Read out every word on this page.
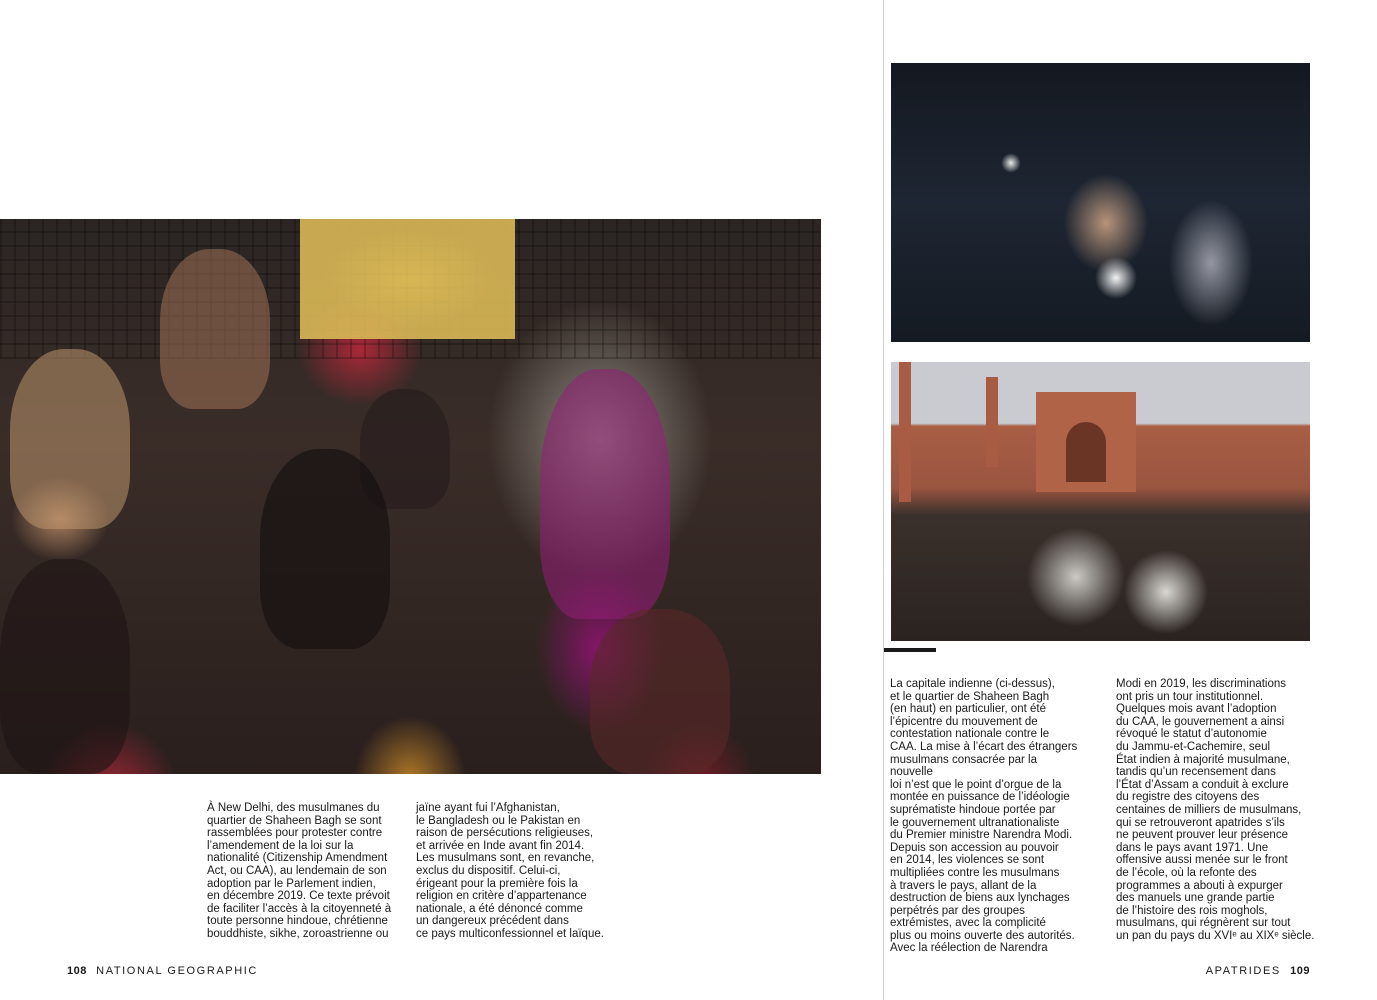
À New Delhi, des musulmanes du

quartier de Shaheen Bagh se sont

rassemblées pour protester contre

l’amendement de la loi sur la

nationalité (Citizenship Amendment

Act, ou CAA), au lendemain de son

adoption par le Parlement indien,

en décembre 2019. Ce texte prévoit

de faciliter l’accès à la citoyenneté à

toute personne hindoue, chrétienne

bouddhiste, sikhe, zoroastrienne ou

jaïne ayant fui l’Afghanistan,

le Bangladesh ou le Pakistan en

raison de persécutions religieuses,

et arrivée en Inde avant fin 2014.

Les musulmans sont, en revanche,

exclus du dispositif. Celui-ci,

érigeant pour la première fois la

religion en critère d’appartenance

nationale, a été dénoncé comme

un dangereux précédent dans

ce pays multiconfessionnel et laïque.

108 NATIONAL GEOGRAPHIC

La capitale indienne (ci-dessus),

et le quartier de Shaheen Bagh

(en haut) en particulier, ont été

l’épicentre du mouvement de

contestation nationale contre le

CAA. La mise à l’écart des étrangers

musulmans consacrée par la nouvelle

loi n’est que le point d’orgue de la

montée en puissance de l’idéologie

suprématiste hindoue portée par

le gouvernement ultranationaliste

du Premier ministre Narendra Modi.

Depuis son accession au pouvoir

en 2014, les violences se sont

multipliées contre les musulmans

à travers le pays, allant de la

destruction de biens aux lynchages

perpétrés par des groupes

extrémistes, avec la complicité

plus ou moins ouverte des autorités.

Avec la réélection de Narendra

Modi en 2019, les discriminations

ont pris un tour institutionnel.

Quelques mois avant l’adoption

du CAA, le gouvernement a ainsi

révoqué le statut d’autonomie

du Jammu-et-Cachemire, seul

État indien à majorité musulmane,

tandis qu’un recensement dans

l’État d’Assam a conduit à exclure

du registre des citoyens des

centaines de milliers de musulmans,

qui se retrouveront apatrides s’ils

ne peuvent prouver leur présence

dans le pays avant 1971. Une

offensive aussi menée sur le front

de l’école, où la refonte des

programmes a abouti à expurger

des manuels une grande partie

de l’histoire des rois moghols,

musulmans, qui régnèrent sur tout

un pan du pays du XVIᵉ au XIXᵉ siècle.

APATRIDES 109
